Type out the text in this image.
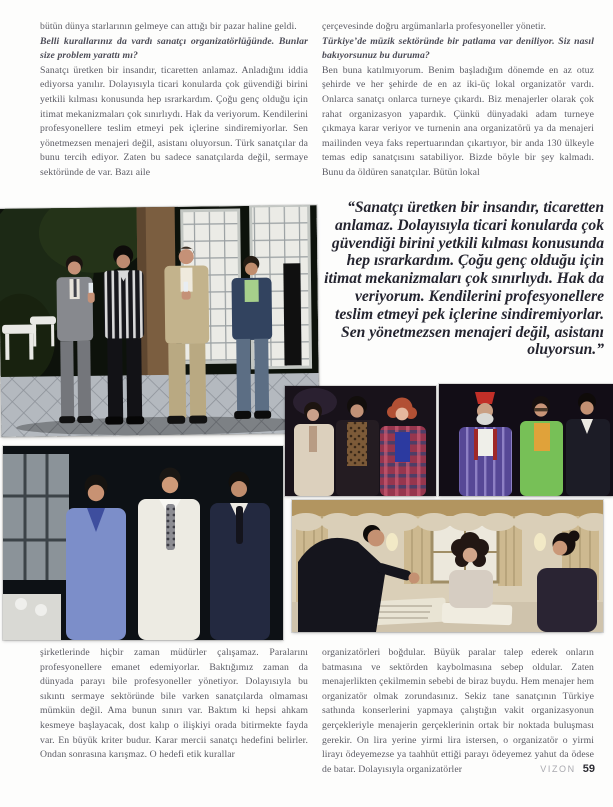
bütün dünya starlarının gelmeye can attığı bir pazar haline geldi.

Belli kurallarınız da vardı sanatçı organizatörlüğünde. Bunlar size problem yarattı mı?

Sanatçı üretken bir insandır, ticaretten anlamaz. Anladığını iddia ediyorsa yanılır. Dolayısıyla ticari konularda çok güvendiği birini yetkili kılması konusunda hep ısrarkardım. Çoğu genç olduğu için itimat mekanizmaları çok sınırlıydı. Hak da veriyorum. Kendilerini profesyonellere teslim etmeyi pek içlerine sindiremiyorlar. Sen yönetmezsen menajeri değil, asistanı oluyorsun. Türk sanatçılar da bunu tercih ediyor. Zaten bu sadece sanatçılarda değil, sermaye sektöründe de var. Bazı aile

çerçevesinde doğru argümanlarla profesyoneller yönetir.

Türkiye’de müzik sektöründe bir patlama var deniliyor. Siz nasıl bakıyorsunuz bu duruma?

Ben buna katılmıyorum. Benim başladığım dönemde en az otuz şehirde ve her şehirde de en az iki-üç lokal organizatör vardı. Onlarca sanatçı onlarca turneye çıkardı. Biz menajerler olarak çok rahat organizasyon yapardık. Çünkü dünyadaki adam turneye çıkmaya karar veriyor ve turnenin ana organizatörü ya da menajeri mailinden veya faks repertuarından çıkartıyor, bir anda 130 ülkeyle temas edip sanatçısını satabiliyor. Bizde böyle bir şey kalmadı. Bunu da öldüren sanatçılar. Bütün lokal

“Sanatçı üretken bir insandır, ticaretten anlamaz. Dolayısıyla ticari konularda çok güvendiği birini yetkili kılması konusunda hep ısrarkardım. Çoğu genç olduğu için itimat mekanizmaları çok sınırlıydı. Hak da veriyorum. Kendilerini profesyonellere teslim etmeyi pek içlerine sindiremiyorlar. Sen yönetmezsen menajeri değil, asistanı oluyorsun.”

şirketlerinde hiçbir zaman müdürler çalışamaz. Paralarını profesyonellere emanet edemiyorlar. Baktığımız zaman da dünyada parayı bile profesyoneller yönetiyor. Dolayısıyla bu sıkıntı sermaye sektöründe bile varken sanatçılarda olmaması mümkün değil. Ama bunun sınırı var. Baktım ki hepsi ahkam kesmeye başlayacak, dost kalıp o ilişkiyi orada bitirmekte fayda var. En büyük kriter budur. Karar mercii sanatçı hedefini belirler. Ondan sonrasına karışmaz. O hedefi etik kurallar

organizatörleri boğdular. Büyük paralar talep ederek onların batmasına ve sektörden kaybolmasına sebep oldular. Zaten menajerlikten çekilmemin sebebi de biraz buydu. Hem menajer hem organizatör olmak zorundasınız. Sekiz tane sanatçının Türkiye sathında konserlerini yapmaya çalıştığın vakit organizasyonun gerçekleriyle menajerin gerçeklerinin ortak bir noktada buluşması gerekir. On lira yerine yirmi lira istersen, o organizatör o yirmi lirayı ödeyemezse ya taahhüt ettiği parayı ödeyemez yahut da ödese de batar. Dolayısıyla organizatörler	VIZON 59
